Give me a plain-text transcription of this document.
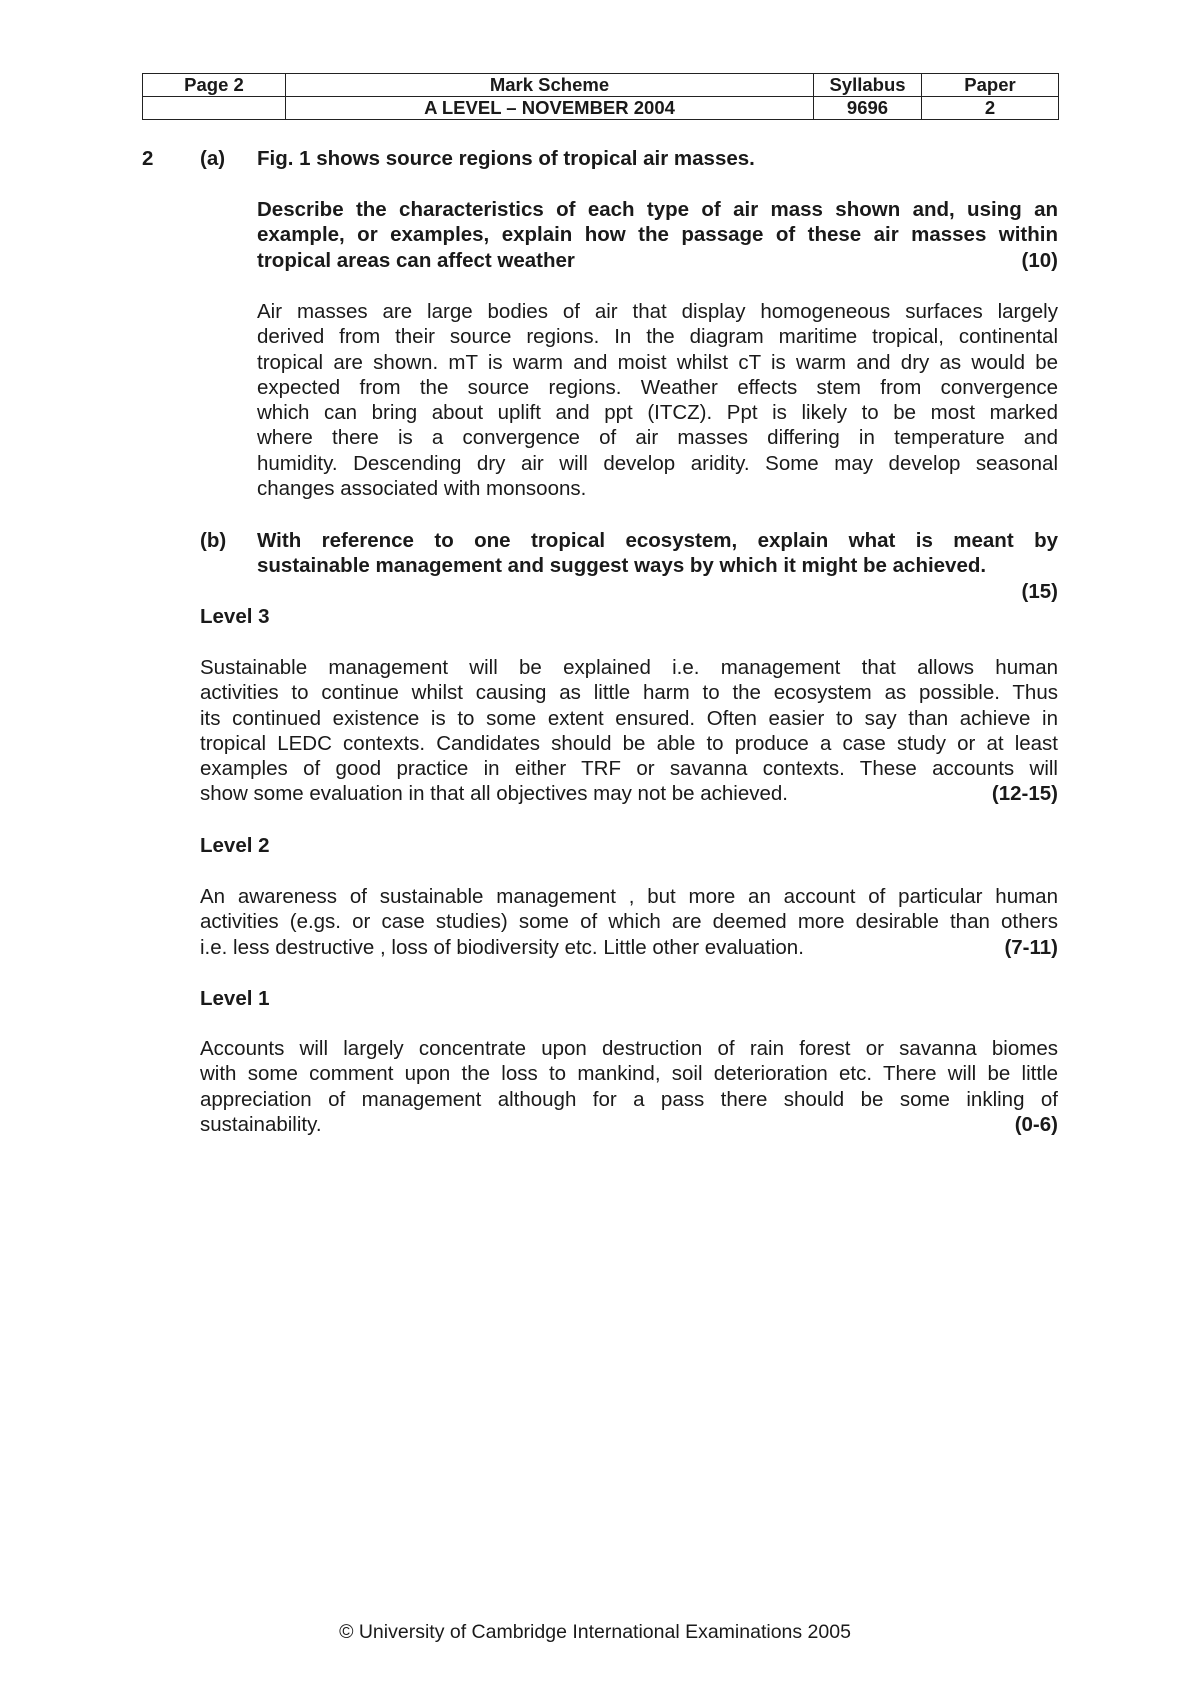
Page 2	Mark Scheme	Syllabus	Paper
	A LEVEL – NOVEMBER 2004	9696	2
2 (a) Fig. 1 shows source regions of tropical air masses.
Describe the characteristics of each type of air mass shown and, using an
example, or examples, explain how the passage of these air masses within
tropical areas can affect weather	(10)
Air masses are large bodies of air that display homogeneous surfaces largely
derived from their source regions. In the diagram maritime tropical, continental
tropical are shown. mT is warm and moist whilst cT is warm and dry as would be
expected from the source regions. Weather effects stem from convergence
which can bring about uplift and ppt (ITCZ). Ppt is likely to be most marked
where there is a convergence of air masses differing in temperature and
humidity. Descending dry air will develop aridity. Some may develop seasonal
changes associated with monsoons.
(b) With reference to one tropical ecosystem, explain what is meant by
sustainable management and suggest ways by which it might be achieved.
(15)
Level 3
Sustainable management will be explained i.e. management that allows human
activities to continue whilst causing as little harm to the ecosystem as possible. Thus
its continued existence is to some extent ensured. Often easier to say than achieve in
tropical LEDC contexts. Candidates should be able to produce a case study or at least
examples of good practice in either TRF or savanna contexts. These accounts will
show some evaluation in that all objectives may not be achieved.	(12-15)
Level 2
An awareness of sustainable management , but more an account of particular human
activities (e.gs. or case studies) some of which are deemed more desirable than others
i.e. less destructive , loss of biodiversity etc. Little other evaluation.	(7-11)
Level 1
Accounts will largely concentrate upon destruction of rain forest or savanna biomes
with some comment upon the loss to mankind, soil deterioration etc. There will be little
appreciation of management although for a pass there should be some inkling of
sustainability.	(0-6)
© University of Cambridge International Examinations 2005
